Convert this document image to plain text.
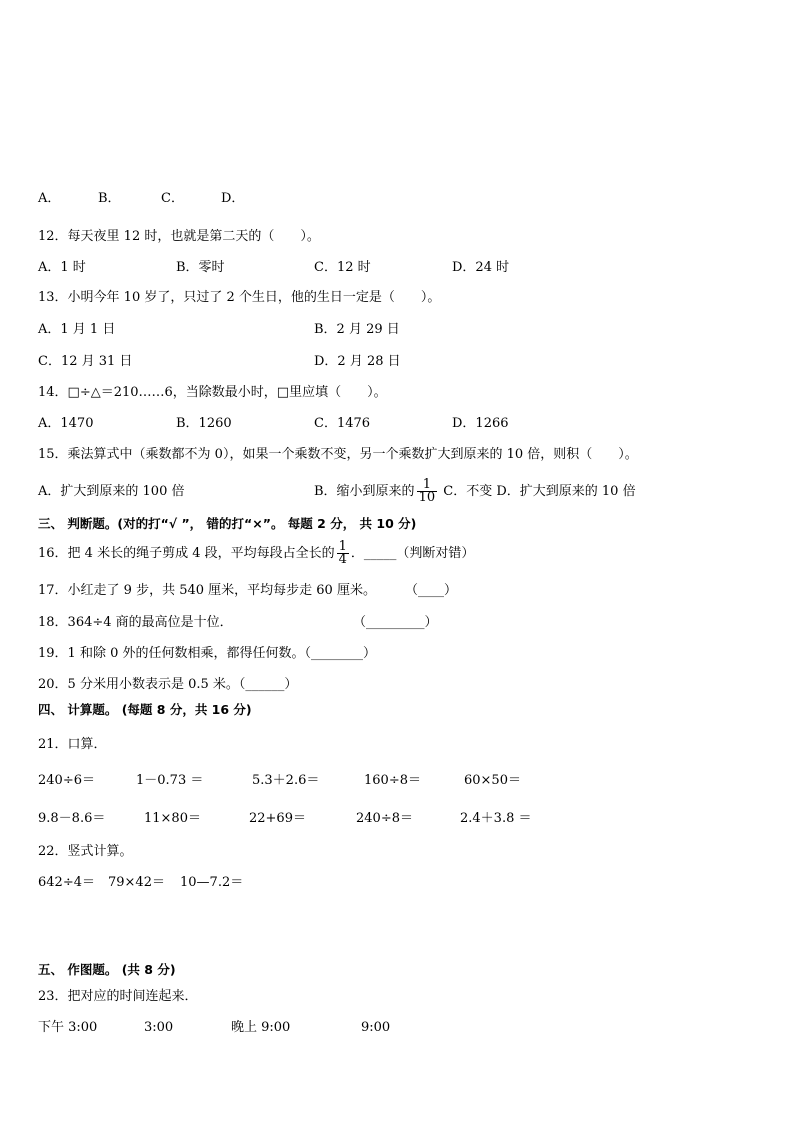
A．	B．	C．	D．
12．每天夜里 12 时，也就是第二天的（　　）。
A．1 时	B．零时	C．12 时	D．24 时
13．小明今年 10 岁了，只过了 2 个生日，他的生日一定是（　　）。
A．1 月 1 日	B．2 月 29 日
C．12 月 31 日	D．2 月 28 日
14．□÷△＝210……6，当除数最小时，□里应填（　　）。
A．1470	B．1260	C．1476	D．1266
15．乘法算式中（乘数都不为 0），如果一个乘数不变，另一个乘数扩大到原来的 10 倍，则积（　　）。
A．扩大到原来的 100 倍	B．缩小到原来的 $\frac{1}{10}$ C．不变 D．扩大到原来的 10 倍
三、 判断题。(对的打“√ ”， 错的打“×”。 每题 2 分， 共 10 分)
16．把 4 米长的绳子剪成 4 段，平均每段占全长的 $\frac{1}{4}$ ．_____（判断对错）
17．小红走了 9 步，共 540 厘米，平均每步走 60 厘米。 （____）
18．364÷4 商的最高位是十位．	（_________）
19．1 和除 0 外的任何数相乘，都得任何数。（________）
20．5 分米用小数表示是 0.5 米。（______）
四、 计算题。 (每题 8 分，共 16 分)
21．口算．
240÷6＝	1－0.73 ＝	5.3＋2.6＝	160÷8＝	60×50＝
9.8－8.6＝	11×80＝	22+69＝	240÷8＝	2.4＋3.8 ＝
22．竖式计算。
642÷4＝ 79×42＝ 10—7.2＝
五、 作图题。 (共 8 分)
23．把对应的时间连起来．
下午 3:00	3:00	晚上 9:00	9:00
